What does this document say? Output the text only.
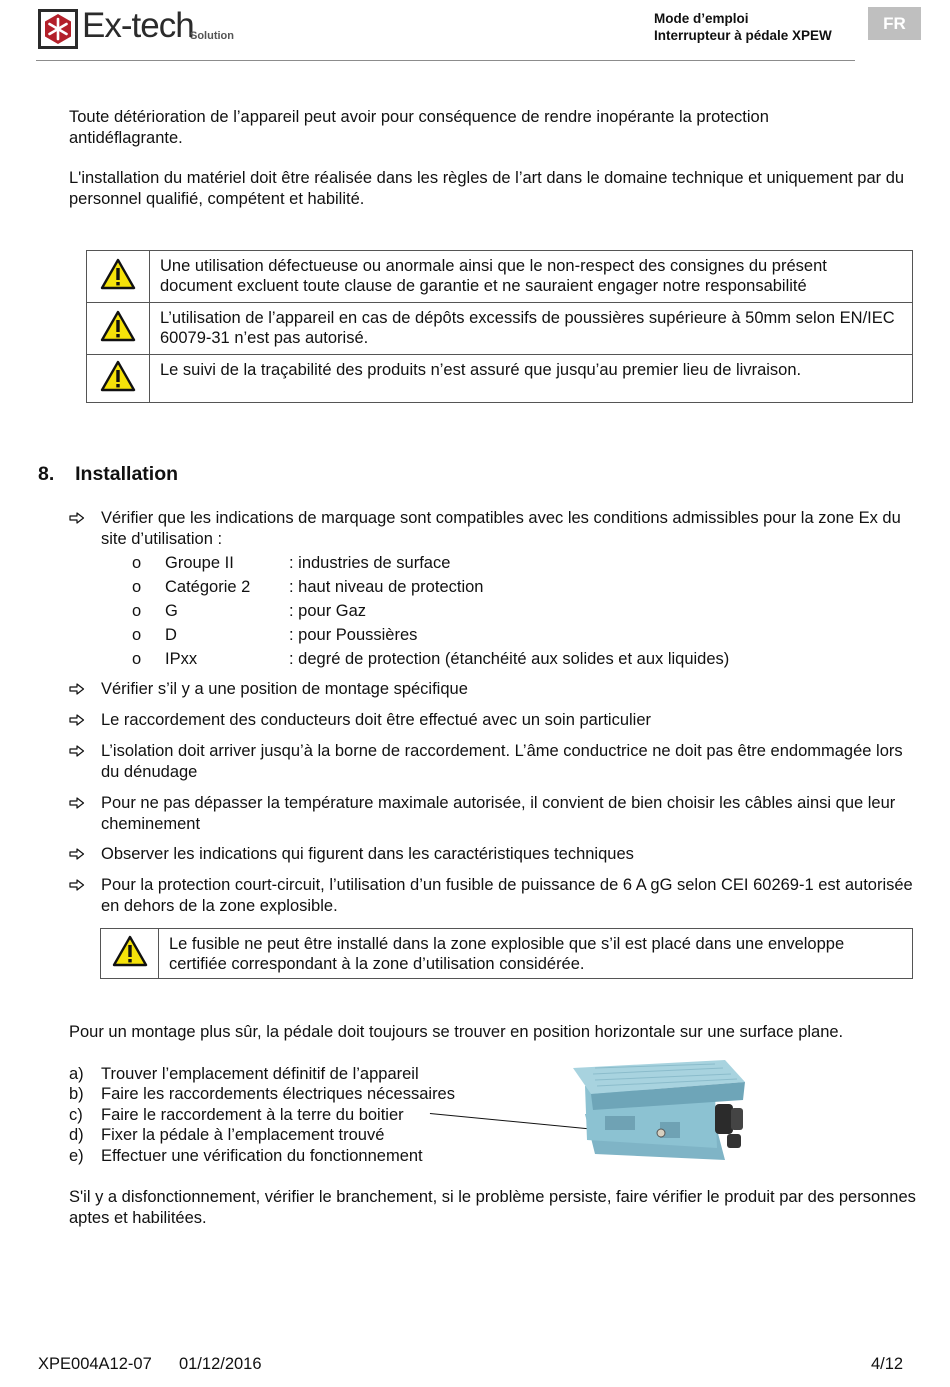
Ex-tech
Solution
Mode d’emploi
Interrupteur à pédale XPEW
FR
Toute détérioration de l’appareil peut avoir pour conséquence de rendre inopérante la protection antidéflagrante.
L'installation du matériel doit être réalisée dans les règles de l’art dans le domaine technique et uniquement par du personnel qualifié, compétent et habilité.
	Une utilisation défectueuse ou anormale ainsi que le non-respect des consignes du présent document excluent toute clause de garantie et ne sauraient engager notre responsabilité
	L’utilisation de l’appareil en cas de dépôts excessifs de poussières supérieure à 50mm selon EN/IEC 60079-31 n’est pas autorisé.
	Le suivi de la traçabilité des produits n’est assuré que jusqu’au premier lieu de livraison.
8. Installation
Vérifier que les indications de marquage sont compatibles avec les conditions admissibles pour la zone Ex du site d’utilisation :
o Groupe II	: industries de surface
o Catégorie 2 : haut niveau de protection
o G	: pour Gaz
o D	: pour Poussières
o IPxx	: degré de protection (étanchéité aux solides et aux liquides)
Vérifier s’il y a une position de montage spécifique
Le raccordement des conducteurs doit être effectué avec un soin particulier
L’isolation doit arriver jusqu’à la borne de raccordement. L’âme conductrice ne doit pas être endommagée lors du dénudage
Pour ne pas dépasser la température maximale autorisée, il convient de bien choisir les câbles ainsi que leur cheminement
Observer les indications qui figurent dans les caractéristiques techniques
Pour la protection court-circuit, l’utilisation d’un fusible de puissance de 6 A gG selon CEI 60269-1 est autorisée en dehors de la zone explosible.
	Le fusible ne peut être installé dans la zone explosible que s’il est placé dans une enveloppe certifiée correspondant à la zone d’utilisation considérée.
Pour un montage plus sûr, la pédale doit toujours se trouver en position horizontale sur une surface plane.
a) Trouver l’emplacement définitif de l’appareil
b) Faire les raccordements électriques nécessaires
c) Faire le raccordement à la terre du boitier
d) Fixer la pédale à l’emplacement trouvé
e) Effectuer une vérification du fonctionnement
S'il y a disfonctionnement, vérifier le branchement, si le problème persiste, faire vérifier le produit par des personnes aptes et habilitées.
XPE004A12-07 01/12/2016	4/12
